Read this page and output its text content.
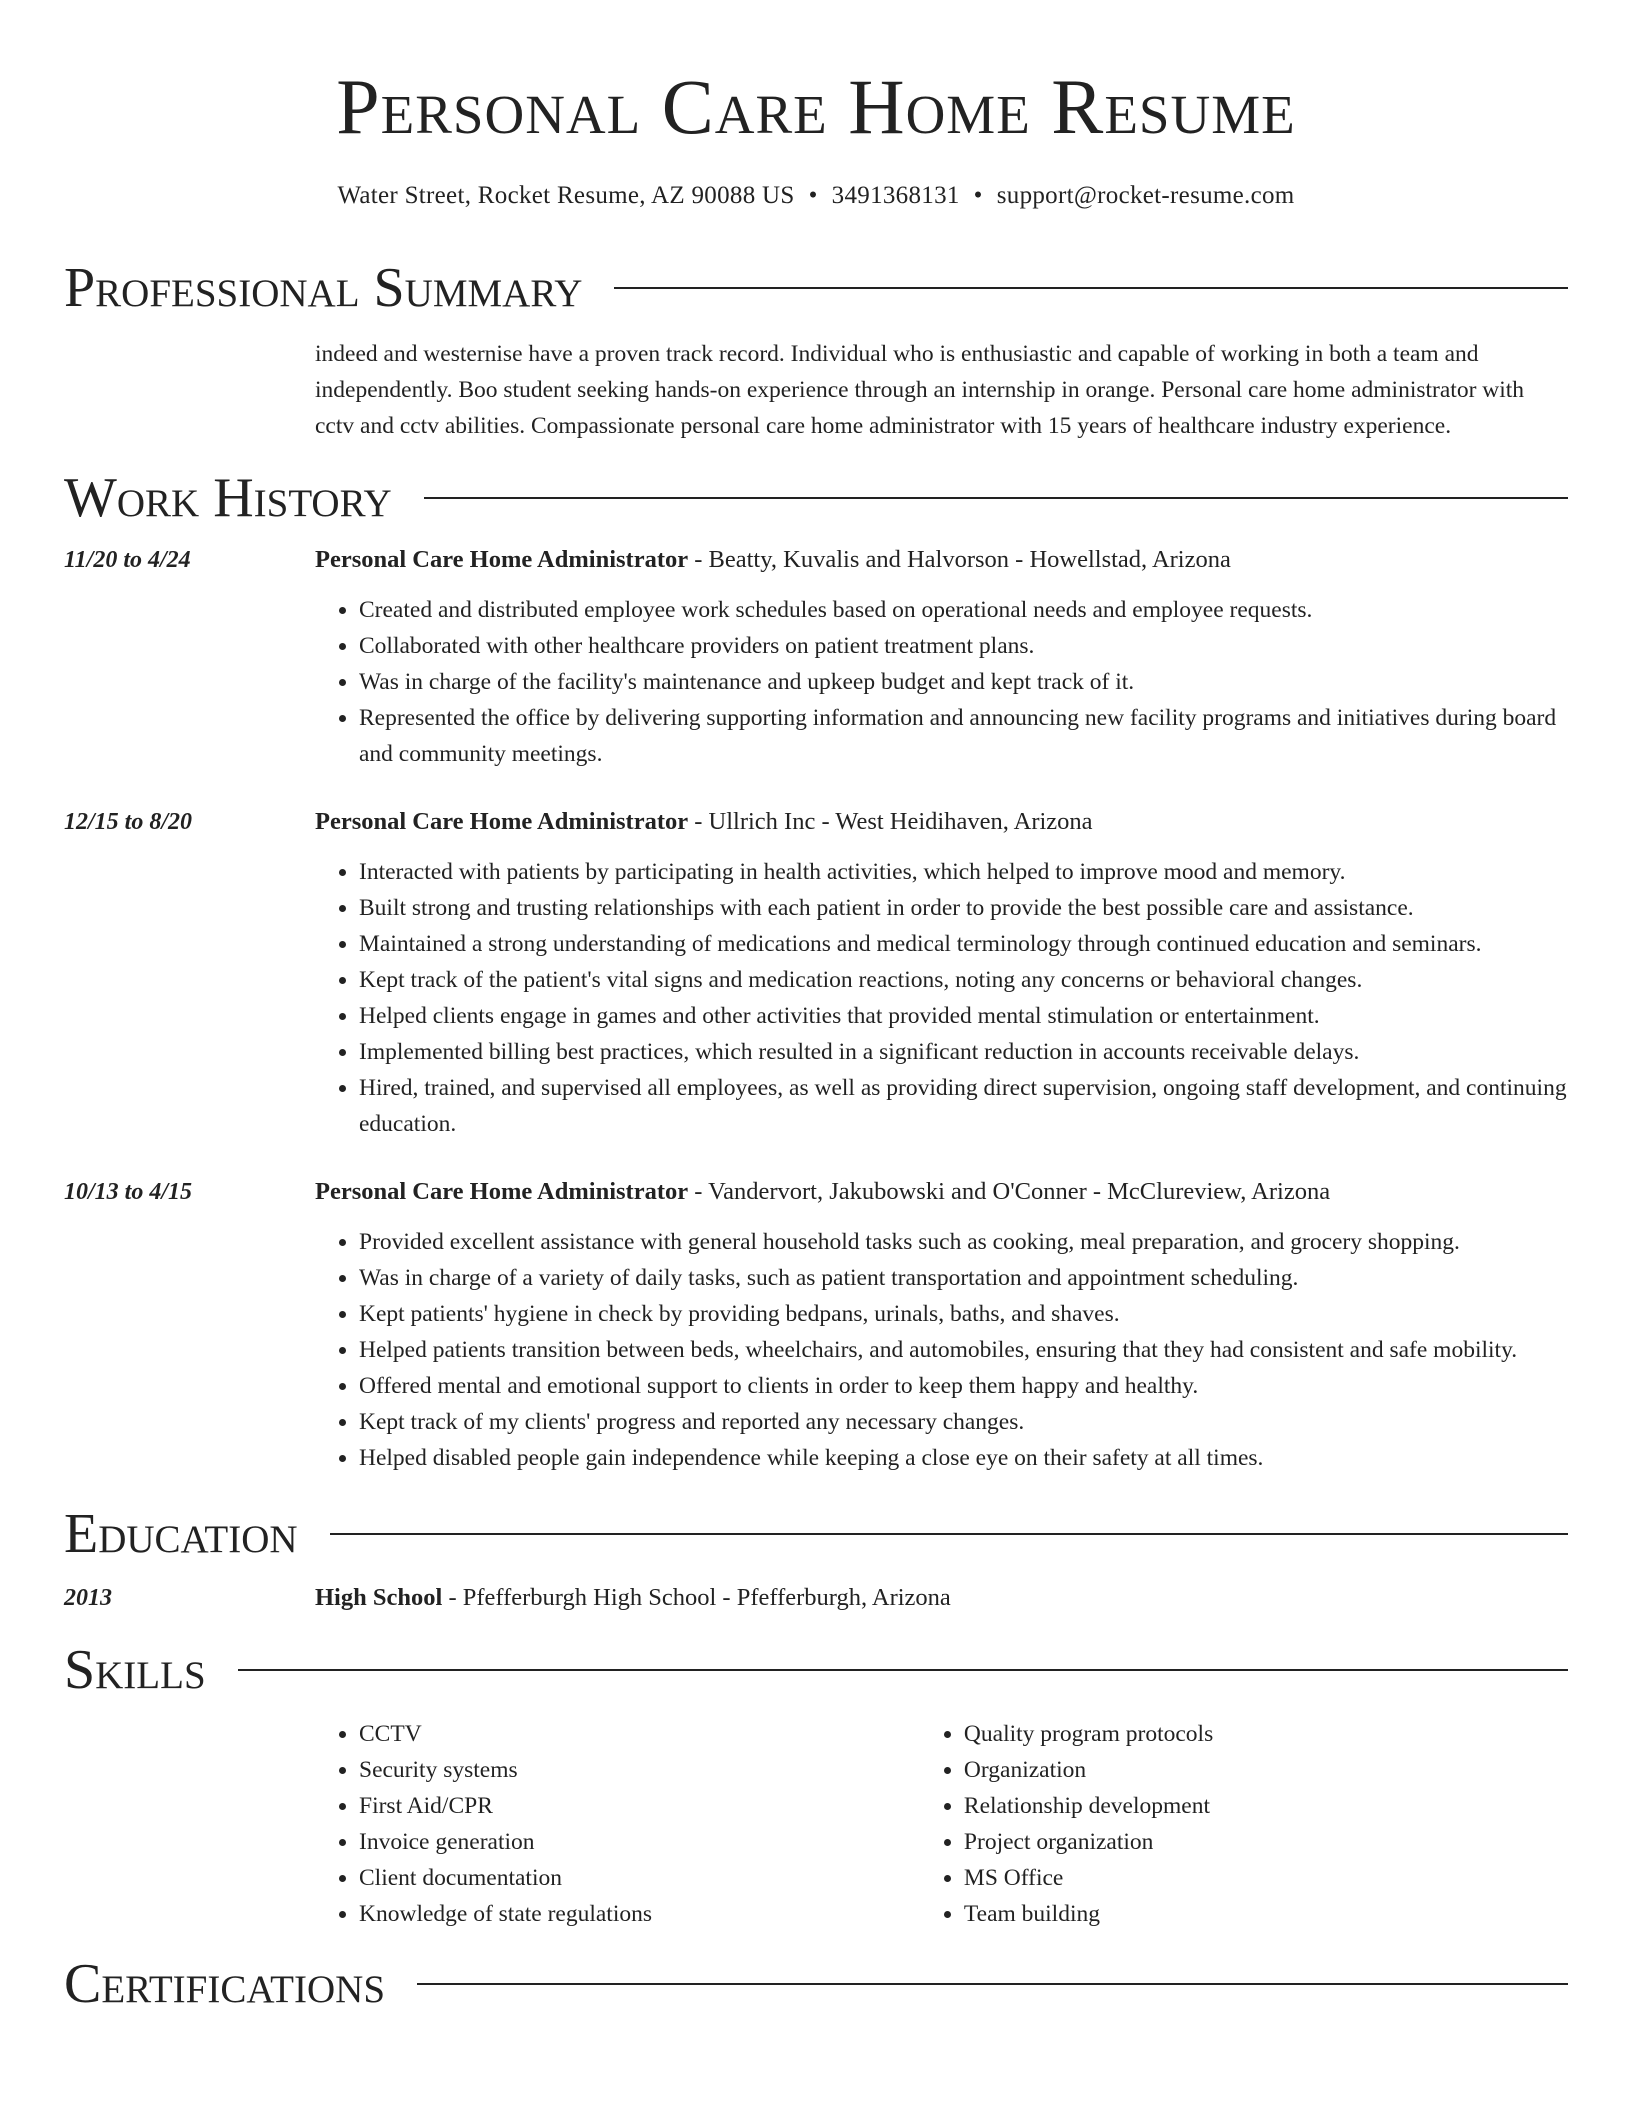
Personal Care Home Resume
Water Street, Rocket Resume, AZ 90088 US • 3491368131 • support@rocket-resume.com
Professional Summary
indeed and westernise have a proven track record. Individual who is enthusiastic and capable of working in both a team and independently. Boo student seeking hands-on experience through an internship in orange. Personal care home administrator with cctv and cctv abilities. Compassionate personal care home administrator with 15 years of healthcare industry experience.
Work History
11/20 to 4/24	Personal Care Home Administrator - Beatty, Kuvalis and Halvorson - Howellstad, Arizona
• Created and distributed employee work schedules based on operational needs and employee requests.
• Collaborated with other healthcare providers on patient treatment plans.
• Was in charge of the facility's maintenance and upkeep budget and kept track of it.
• Represented the office by delivering supporting information and announcing new facility programs and initiatives during board and community meetings.
12/15 to 8/20	Personal Care Home Administrator - Ullrich Inc - West Heidihaven, Arizona
• Interacted with patients by participating in health activities, which helped to improve mood and memory.
• Built strong and trusting relationships with each patient in order to provide the best possible care and assistance.
• Maintained a strong understanding of medications and medical terminology through continued education and seminars.
• Kept track of the patient's vital signs and medication reactions, noting any concerns or behavioral changes.
• Helped clients engage in games and other activities that provided mental stimulation or entertainment.
• Implemented billing best practices, which resulted in a significant reduction in accounts receivable delays.
• Hired, trained, and supervised all employees, as well as providing direct supervision, ongoing staff development, and continuing education.
10/13 to 4/15	Personal Care Home Administrator - Vandervort, Jakubowski and O'Conner - McClureview, Arizona
• Provided excellent assistance with general household tasks such as cooking, meal preparation, and grocery shopping.
• Was in charge of a variety of daily tasks, such as patient transportation and appointment scheduling.
• Kept patients' hygiene in check by providing bedpans, urinals, baths, and shaves.
• Helped patients transition between beds, wheelchairs, and automobiles, ensuring that they had consistent and safe mobility.
• Offered mental and emotional support to clients in order to keep them happy and healthy.
• Kept track of my clients' progress and reported any necessary changes.
• Helped disabled people gain independence while keeping a close eye on their safety at all times.
Education
2013	High School - Pfefferburgh High School - Pfefferburgh, Arizona
Skills
• CCTV
• Security systems
• First Aid/CPR
• Invoice generation
• Client documentation
• Knowledge of state regulations
• Quality program protocols
• Organization
• Relationship development
• Project organization
• MS Office
• Team building
Certifications
